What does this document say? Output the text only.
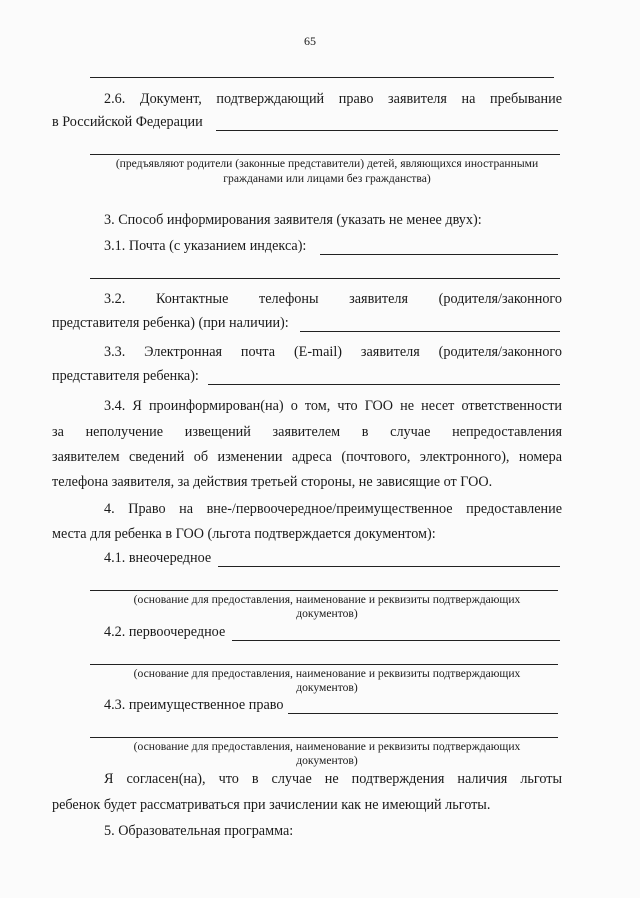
65
2.6. Документ, подтверждающий право заявителя на пребывание
в Российской Федерации
(предъявляют родители (законные представители) детей, являющихся иностранными
гражданами или лицами без гражданства)
3. Способ информирования заявителя (указать не менее двух):
3.1. Почта (с указанием индекса):
3.2. Контактные телефоны заявителя (родителя/законного
представителя ребенка) (при наличии):
3.3. Электронная почта (E-mail) заявителя (родителя/законного
представителя ребенка):
3.4. Я проинформирован(на) о том, что ГОО не несет ответственности
за неполучение извещений заявителем в случае непредоставления
заявителем сведений об изменении адреса (почтового, электронного), номера
телефона заявителя, за действия третьей стороны, не зависящие от ГОО.
4. Право на вне-/первоочередное/преимущественное предоставление
места для ребенка в ГОО (льгота подтверждается документом):
4.1. внеочередное
(основание для предоставления, наименование и реквизиты подтверждающих
документов)
4.2. первоочередное
(основание для предоставления, наименование и реквизиты подтверждающих
документов)
4.3. преимущественное право
(основание для предоставления, наименование и реквизиты подтверждающих
документов)
Я согласен(на), что в случае не подтверждения наличия льготы
ребенок будет рассматриваться при зачислении как не имеющий льготы.
5. Образовательная программа:
